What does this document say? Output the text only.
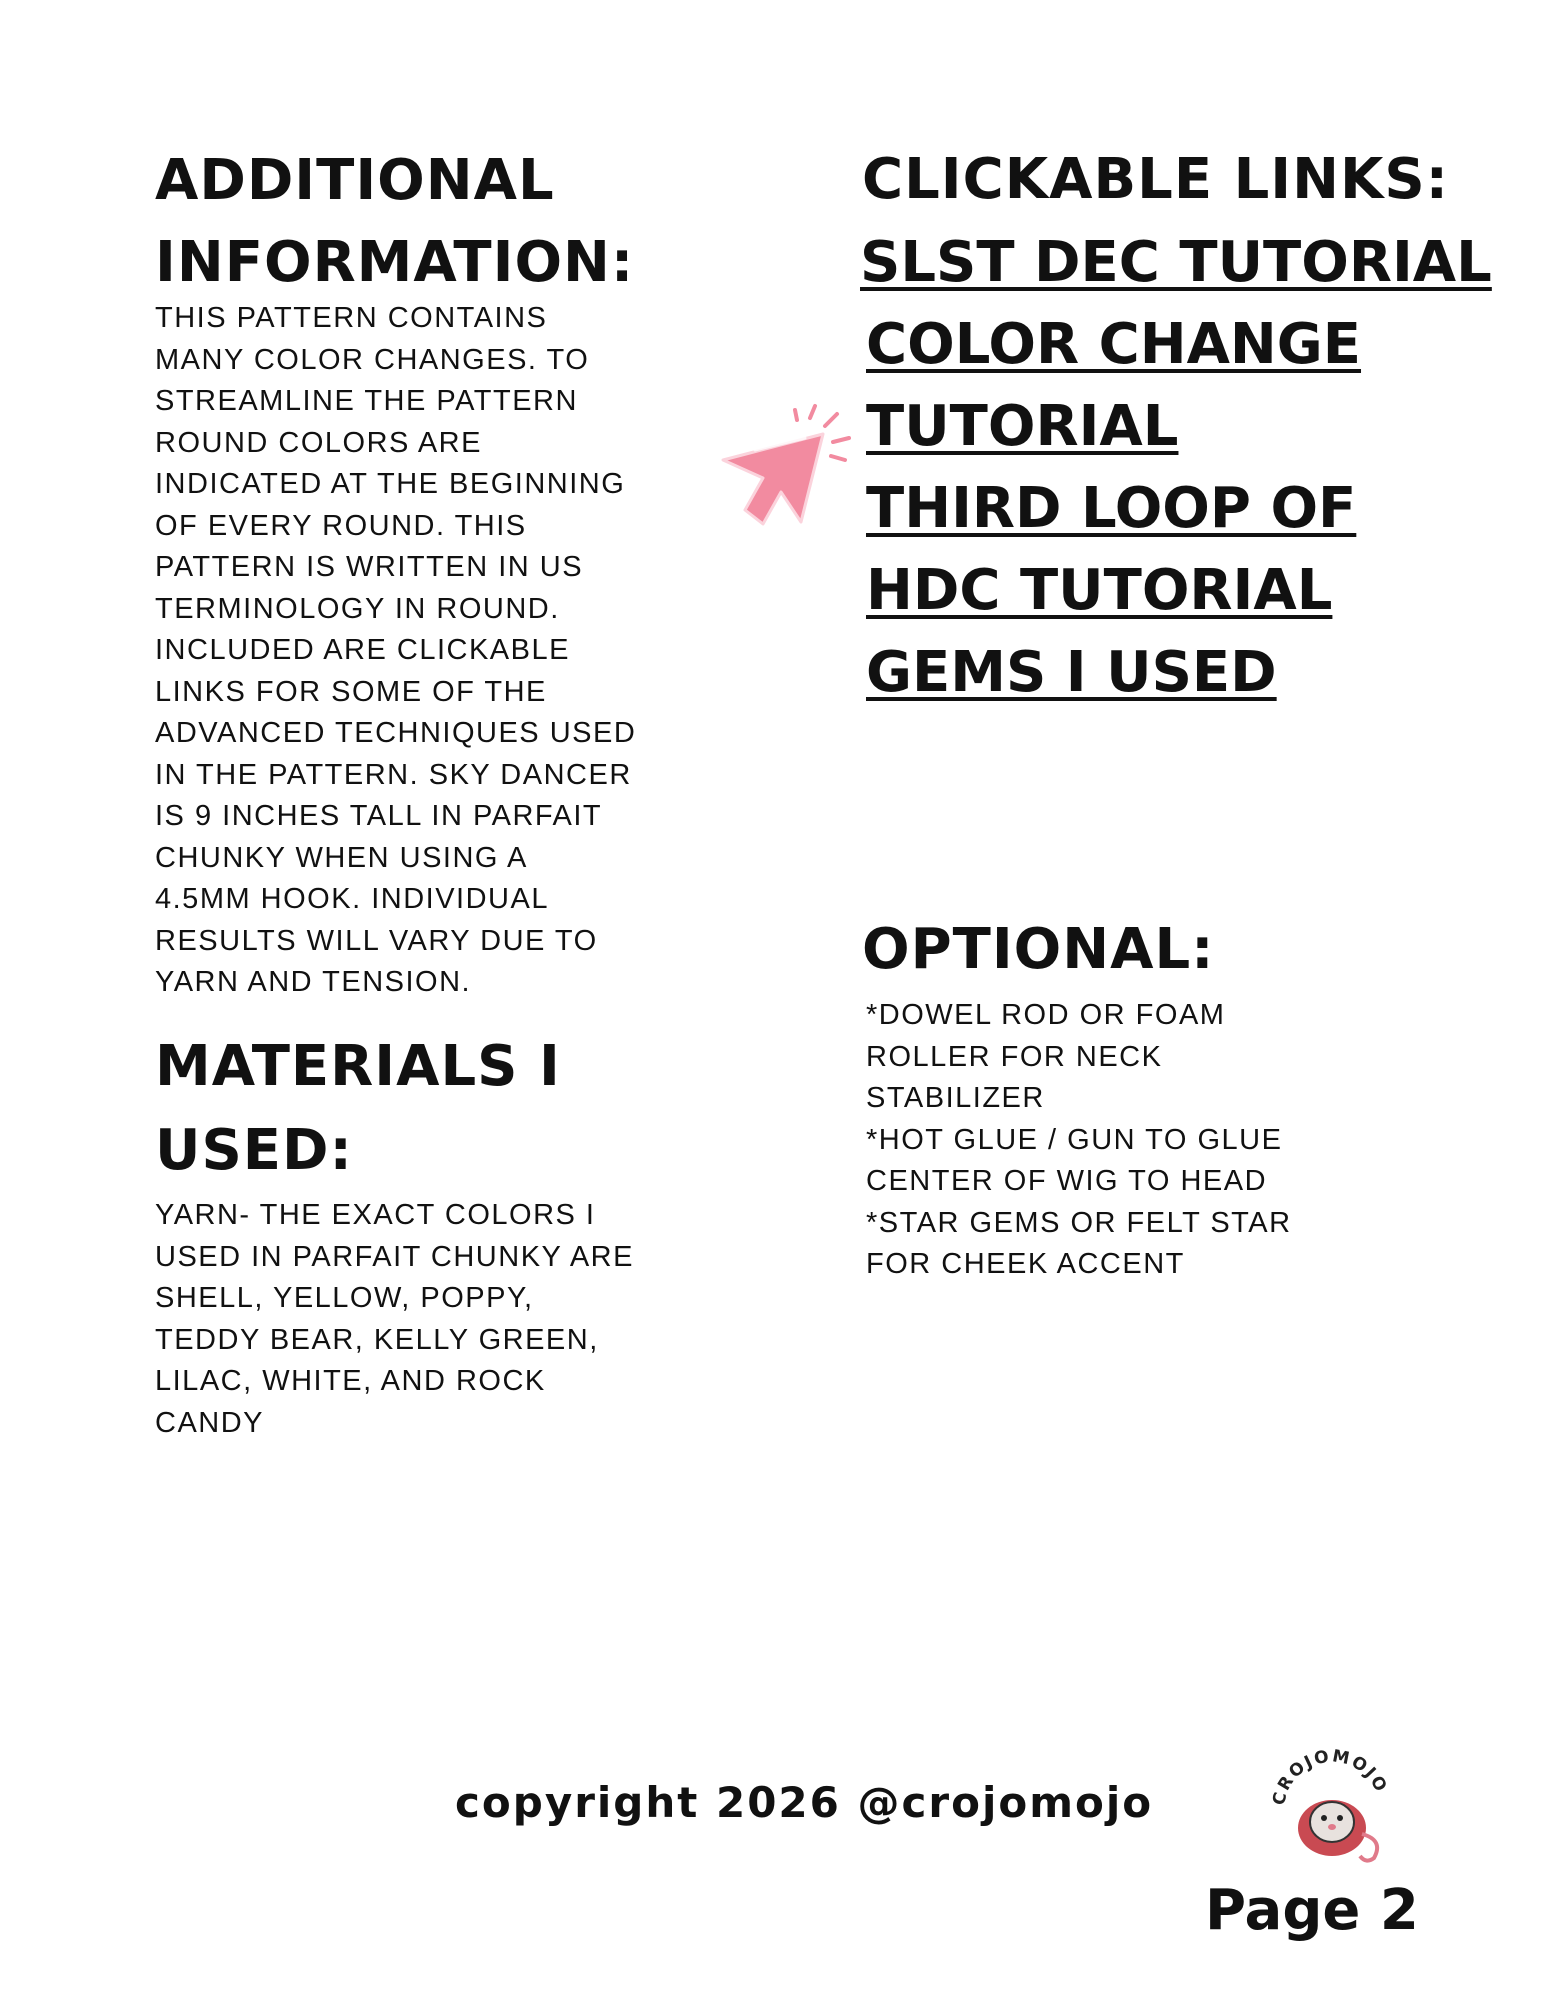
ADDITIONAL INFORMATION:

THIS PATTERN CONTAINS
MANY COLOR CHANGES. TO
STREAMLINE THE PATTERN
ROUND COLORS ARE
INDICATED AT THE BEGINNING
OF EVERY ROUND. THIS
PATTERN IS WRITTEN IN US
TERMINOLOGY IN ROUND.
INCLUDED ARE CLICKABLE
LINKS FOR SOME OF THE
ADVANCED TECHNIQUES USED
IN THE PATTERN. SKY DANCER
IS 9 INCHES TALL IN PARFAIT
CHUNKY WHEN USING A
4.5MM HOOK. INDIVIDUAL
RESULTS WILL VARY DUE TO
YARN AND TENSION.

MATERIALS I USED:

YARN- THE EXACT COLORS I
USED IN PARFAIT CHUNKY ARE
SHELL, YELLOW, POPPY,
TEDDY BEAR, KELLY GREEN,
LILAC, WHITE, AND ROCK
CANDY

CLICKABLE LINKS:
SLST DEC TUTORIAL
COLOR CHANGE
TUTORIAL
THIRD LOOP OF
HDC TUTORIAL
GEMS I USED
OPTIONAL:

*DOWEL ROD OR FOAM
ROLLER FOR NECK
STABILIZER
*HOT GLUE / GUN TO GLUE
CENTER OF WIG TO HEAD
*STAR GEMS OR FELT STAR
FOR CHEEK ACCENT

copyright 2026 @crojomojo	CROJOMOJO
Page 2
